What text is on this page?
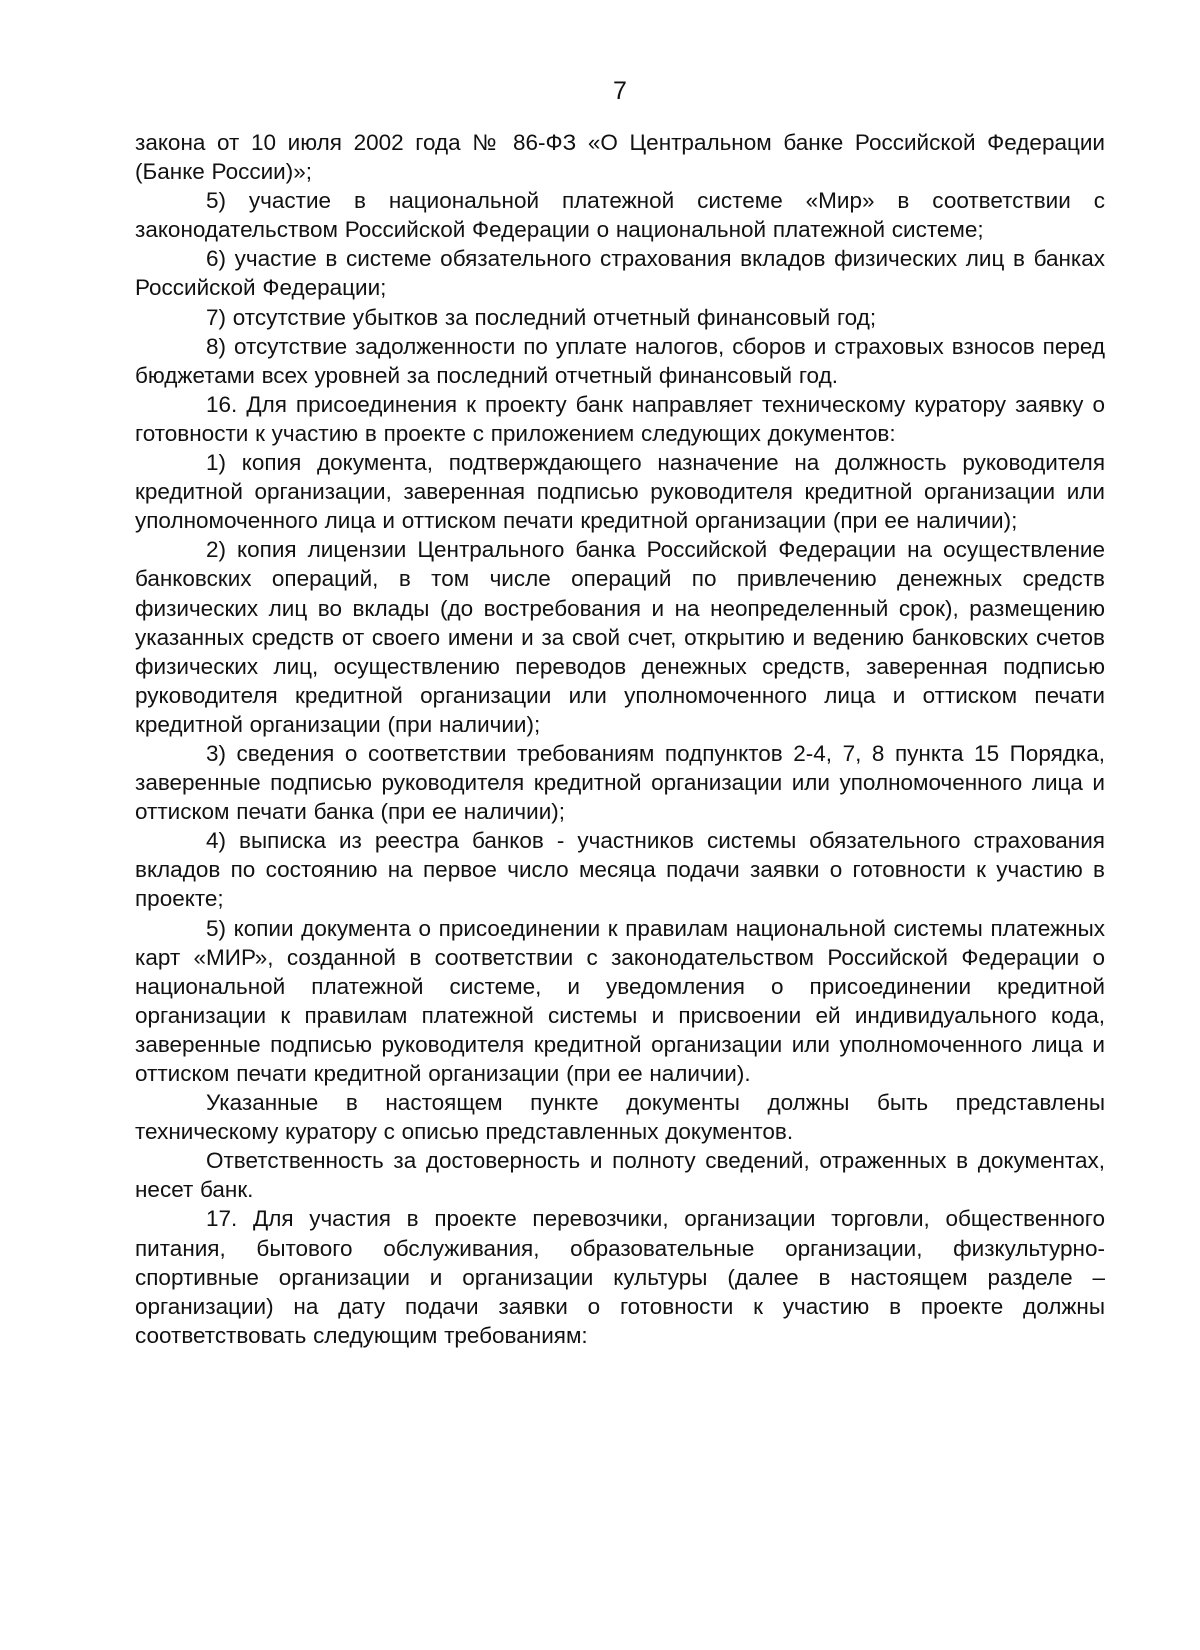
7

закона от 10 июля 2002 года № 86-ФЗ «О Центральном банке Российской Федерации (Банке России)»;

5) участие в национальной платежной системе «Мир» в соответствии с законодательством Российской Федерации о национальной платежной системе;

6) участие в системе обязательного страхования вкладов физических лиц в банках Российской Федерации;

7) отсутствие убытков за последний отчетный финансовый год;

8) отсутствие задолженности по уплате налогов, сборов и страховых взносов перед бюджетами всех уровней за последний отчетный финансовый год.

16. Для присоединения к проекту банк направляет техническому куратору заявку о готовности к участию в проекте с приложением следующих документов:

1) копия документа, подтверждающего назначение на должность руководителя кредитной организации, заверенная подписью руководителя кредитной организации или уполномоченного лица и оттиском печати кредитной организации (при ее наличии);

2) копия лицензии Центрального банка Российской Федерации на осуществление банковских операций, в том числе операций по привлечению денежных средств физических лиц во вклады (до востребования и на неопределенный срок), размещению указанных средств от своего имени и за свой счет, открытию и ведению банковских счетов физических лиц, осуществлению переводов денежных средств, заверенная подписью руководителя кредитной организации или уполномоченного лица и оттиском печати кредитной организации (при наличии);

3) сведения о соответствии требованиям подпунктов 2-4, 7, 8 пункта 15 Порядка, заверенные подписью руководителя кредитной организации или уполномоченного лица и оттиском печати банка (при ее наличии);

4) выписка из реестра банков - участников системы обязательного страхования вкладов по состоянию на первое число месяца подачи заявки о готовности к участию в проекте;

5) копии документа о присоединении к правилам национальной системы платежных карт «МИР», созданной в соответствии с законодательством Российской Федерации о национальной платежной системе, и уведомления о присоединении кредитной организации к правилам платежной системы и присвоении ей индивидуального кода, заверенные подписью руководителя кредитной организации или уполномоченного лица и оттиском печати кредитной организации (при ее наличии).

Указанные в настоящем пункте документы должны быть представлены техническому куратору с описью представленных документов.

Ответственность за достоверность и полноту сведений, отраженных в документах, несет банк.

17. Для участия в проекте перевозчики, организации торговли, общественного питания, бытового обслуживания, образовательные организации, физкультурно-спортивные организации и организации культуры (далее в настоящем разделе – организации) на дату подачи заявки о готовности к участию в проекте должны соответствовать следующим требованиям:
